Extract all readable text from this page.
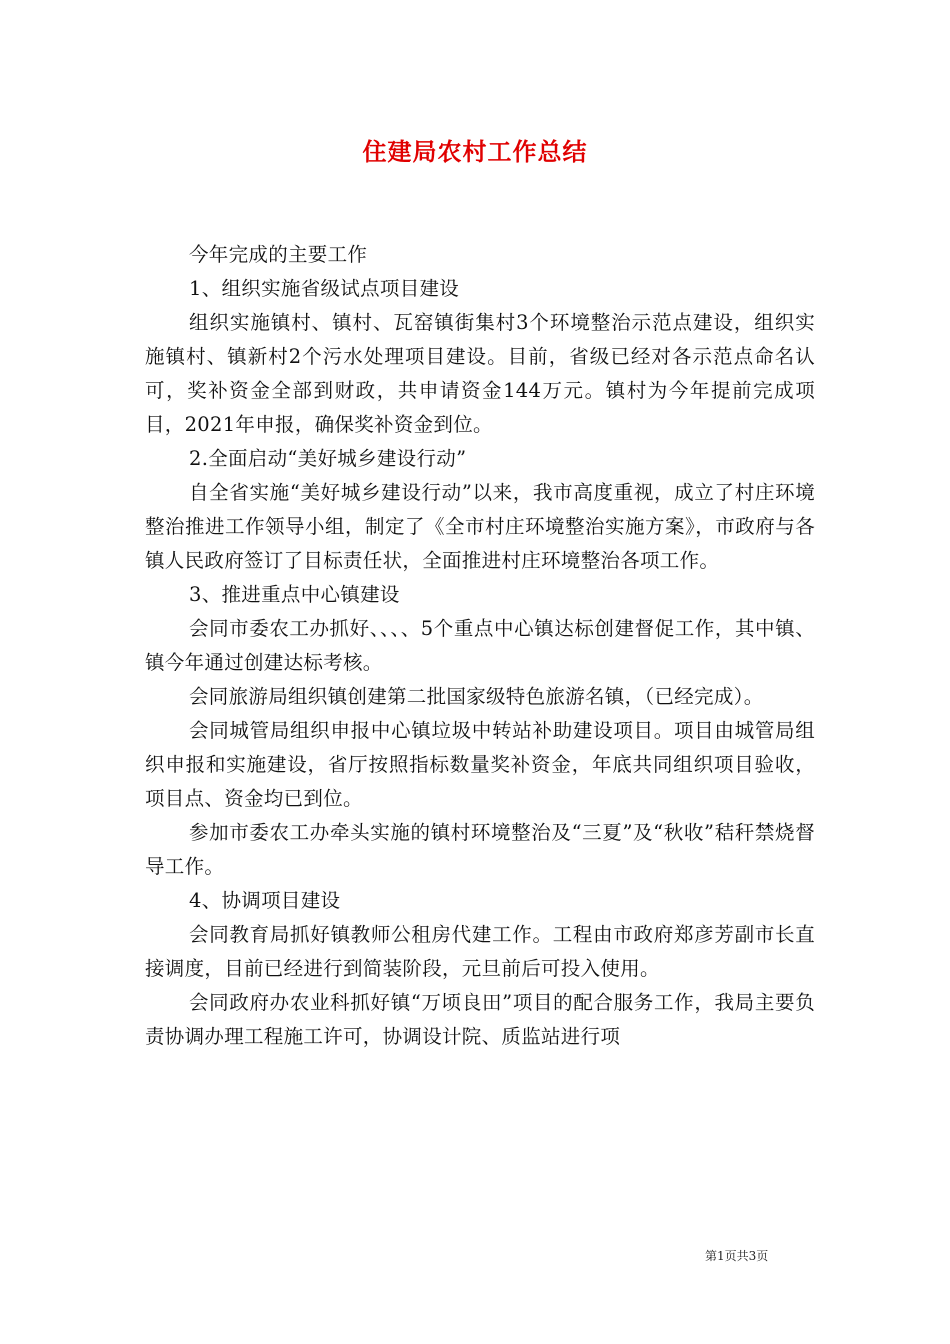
住建局农村工作总结

今年完成的主要工作

1、组织实施省级试点项目建设

组织实施镇村、镇村、瓦窑镇街集村3个环境整治示范点建设，组织实施镇村、镇新村2个污水处理项目建设。目前，省级已经对各示范点命名认可，奖补资金全部到财政，共申请资金144万元。镇村为今年提前完成项目，2021年申报，确保奖补资金到位。

2.全面启动“美好城乡建设行动”

自全省实施“美好城乡建设行动”以来，我市高度重视，成立了村庄环境整治推进工作领导小组，制定了《全市村庄环境整治实施方案》，市政府与各镇人民政府签订了目标责任状，全面推进村庄环境整治各项工作。

3、推进重点中心镇建设

会同市委农工办抓好、、、、5个重点中心镇达标创建督促工作，其中镇、镇今年通过创建达标考核。

会同旅游局组织镇创建第二批国家级特色旅游名镇，（已经完成）。

会同城管局组织申报中心镇垃圾中转站补助建设项目。项目由城管局组织申报和实施建设，省厅按照指标数量奖补资金，年底共同组织项目验收，项目点、资金均已到位。

参加市委农工办牵头实施的镇村环境整治及“三夏”及“秋收”秸秆禁烧督导工作。

4、协调项目建设

会同教育局抓好镇教师公租房代建工作。工程由市政府郑彦芳副市长直接调度，目前已经进行到简装阶段，元旦前后可投入使用。

会同政府办农业科抓好镇“万顷良田”项目的配合服务工作，我局主要负责协调办理工程施工许可，协调设计院、质监站进行项

第1页共3页
